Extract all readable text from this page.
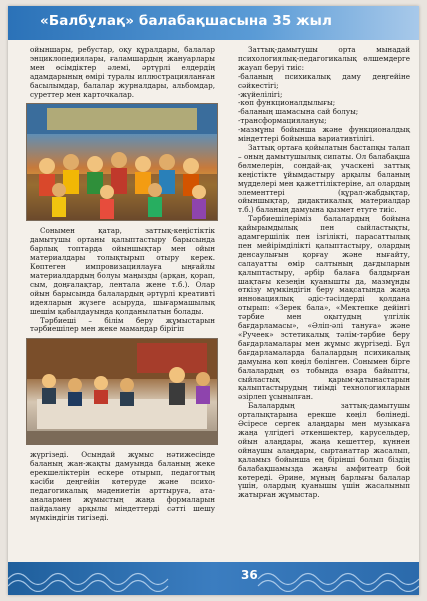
«Балбұлақ» балабақшасына 35 жыл

ойыншары, ребустар, оқу құралдары, балалар энциклопедиялары, ғаламшардың жануарлары мен өсімдіктер әлемі, әртүрлі елдердің адамдарының өмірі туралы иллюстрацияланған басылымдар, балалар журналдары, альбомдар, суреттер мен карточкалар.

Сонымен қатар, заттық-кеңістіктік дамытушы ортаны қалыптастыру барысында барлық топтарда ойыншықтар мен ойын материалдары толықтырып отыру керек. Көптеген импровизациялауға ыңғайлы материалдардың болуы маңызды (арқан, қорап, сым, доңғалақтар, лентала жене т.б.). Олар ойын барысында балалардың әртүрлі креативті идеяларын жүзеге асыруда, шығармашылық шешім қабылдауында қолданылатын болады.

Тәрбиеші – білім беру жұмыстарын тәрбиешілер мен жеке мамандар бірігіп

жүргізеді. Осындай жұмыс нәтижесінде баланың жан-жақты дамуында баланың жеке ерекшеліктерін ескере отырып, педагогтың кәсіби деңгейін көтеруде және психо-педагогикалық мәдениетін арттыруға, ата-аналармен жұмыстың жаңа формаларын пайдалану арқылы міндеттерді сәтті шешу мүмкіндігін тигізеді.

Заттық-дамытушы орта мынадай психологиялық-педагогикалық өлшемдерге жауап беруі тиіс:

-баланың психикалық даму деңгейіне сәйкестігі;
-жүйелілігі;
-көп функционалдылығы;
-баланың шамасына сай болуы;
-трансформациялануы;
-мазмұны бойынша және функционалдық міндеттері бойынша вариативтілігі.

Заттық ортаға қойылатын бастапқы талап – оның дамытушылық сипаты. Ол балабақша бөлмелерін, сондай-ақ учаскені заттық кеңістікте ұйымдастыру арқылы баланың мүдделері мен қажеттіліктеріне, ал олардың элементтері (құрал-жабдықтар, ойыншықтар, дидактикалық материалдар т.б.) баланың дамуына қызмет етуге тиіс.

Тәрбиешілеріміз балалардың бойына қайырымдылық пен сыйластықты, адамгершілік пен ізгілікті, парасаттылық пен мейірімділікті қалыптастыру, олардың денсаулығын қорғау және нығайту, салауатты өмір салтының дағдыларын қалыптастыру, әрбір балаға балдырған шақтағы кезеңін қуанышты да, мазмұнды өткізу мүмкіндігін беру мақсатында жаңа инновациялық әдіс-тәсілдерді қолдана отырып: «Зерек бала», «Мектепке дейінгі тәрбие мен оқытудың үлгілік бағдарламасы», «Әліп-әлі тануға» және «Ручеек» эстетикалық тәлім-тәрбие беру бағдарламалары мен жұмыс жүргізеді. Бұл бағдарламаларда балалардың психикалық дамуына көп көңіл бөлінген. Сонымен бірге балалардың өз тобында өзара байыпты, сыйластық қарым-қатынастарын қалыптастырудың тиімді технологияларын әзірлеп ұсынылған.

Балалардың заттық-дамытушы орталықтарына ерекше көңіл бөлінеді. Әсіресе сергек алаңдары мен музыкаға жаңа үлгідегі әткеншектер, карусельдер, ойын алаңдары, жаңа кешеттер, күннен ойнаушы алаңдары, сыртанаттар жасалып, қаламыз бойынша ең бірінші болып біздің балабақшамызда жаңғы амфитеатр бой көтереді. Әрине, мұның барлығы балалар үшін, олардың қуанышы үшін жасалынып жатырған жұмыстар.

36
